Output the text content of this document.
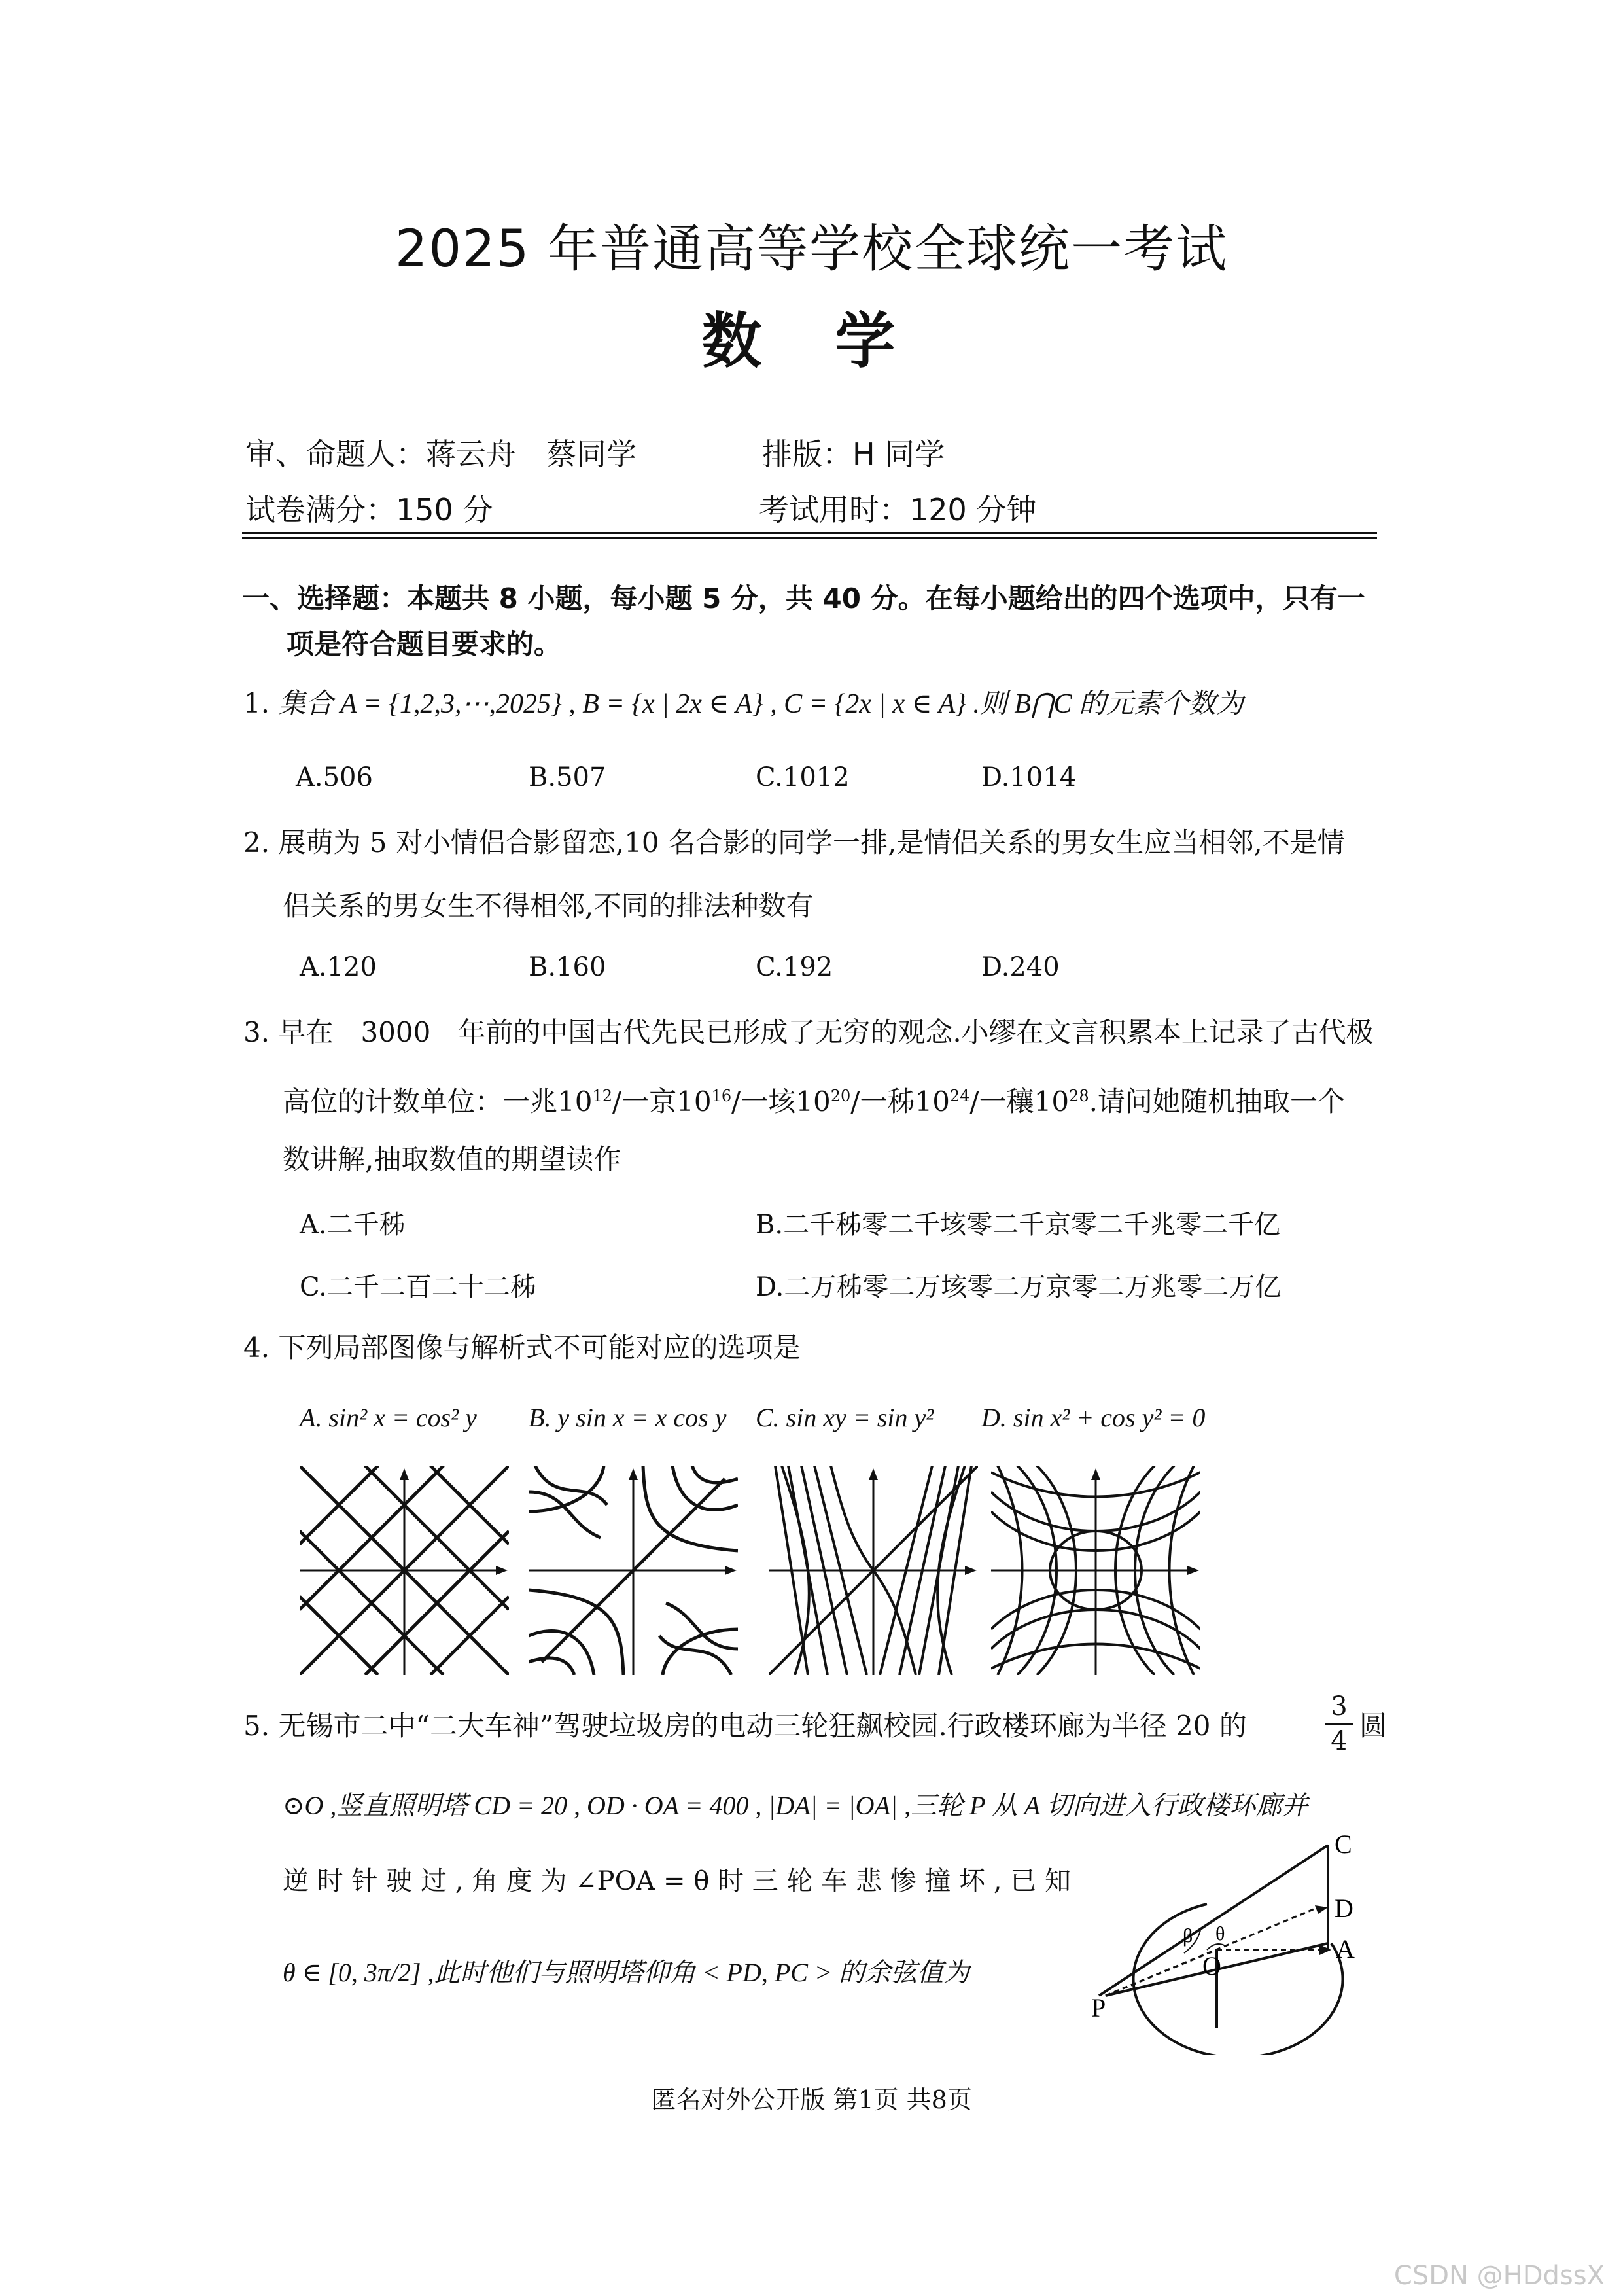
2025 年普通高等学校全球统一考试
数 学
审、命题人：蒋云舟　蔡同学	排版：H 同学
试卷满分：150 分	考试用时：120 分钟
一、选择题：本题共 8 小题，每小题 5 分，共 40 分。在每小题给出的四个选项中，只有一
项是符合题目要求的。
1. 集合 A = {1,2,3,⋯,2025} , B = {x | 2x ∈ A} , C = {2x | x ∈ A} .则 B⋂C 的元素个数为
A.506	B.507	C.1012	D.1014
2. 展萌为 5 对小情侣合影留恋,10 名合影的同学一排,是情侣关系的男女生应当相邻,不是情
侣关系的男女生不得相邻,不同的排法种数有
A.120	B.160	C.192	D.240
3. 早在　3000　年前的中国古代先民已形成了无穷的观念.小缪在文言积累本上记录了古代极
高位的计数单位：一兆$10^{12}/$一京$10^{16}/$一垓$10^{20}/$一秭$10^{24}/$一穰$10^{28}$.请问她随机抽取一个
数讲解,抽取数值的期望读作
A.二千秭	B.二千秭零二千垓零二千京零二千兆零二千亿
C.二千二百二十二秭	D.二万秭零二万垓零二万京零二万兆零二万亿
4. 下列局部图像与解析式不可能对应的选项是
A. sin² x = cos² y B. y sin x = x cos y C. sin xy = sin y² D. sin x² + cos y² = 0
5. 无锡市二中“二大车神”驾驶垃圾房的电动三轮狂飙校园.行政楼环廊为半径 20 的
3
4 圆
⊙O ,竖直照明塔 CD = 20 , OD · OA = 400 , |DA| = |OA| ,三轮 P 从 A 切向进入行政楼环廊并
逆 时 针 驶 过 , 角 度 为 ∠POA = θ 时 三 轮 车 悲 惨 撞 坏 , 已 知
θ ∈ [0, 3π/2] ,此时他们与照明塔仰角 < PD, PC > 的余弦值为
C
D
A
O
P
β θ
匿名对外公开版 第1页 共8页
CSDN @HDdssX
